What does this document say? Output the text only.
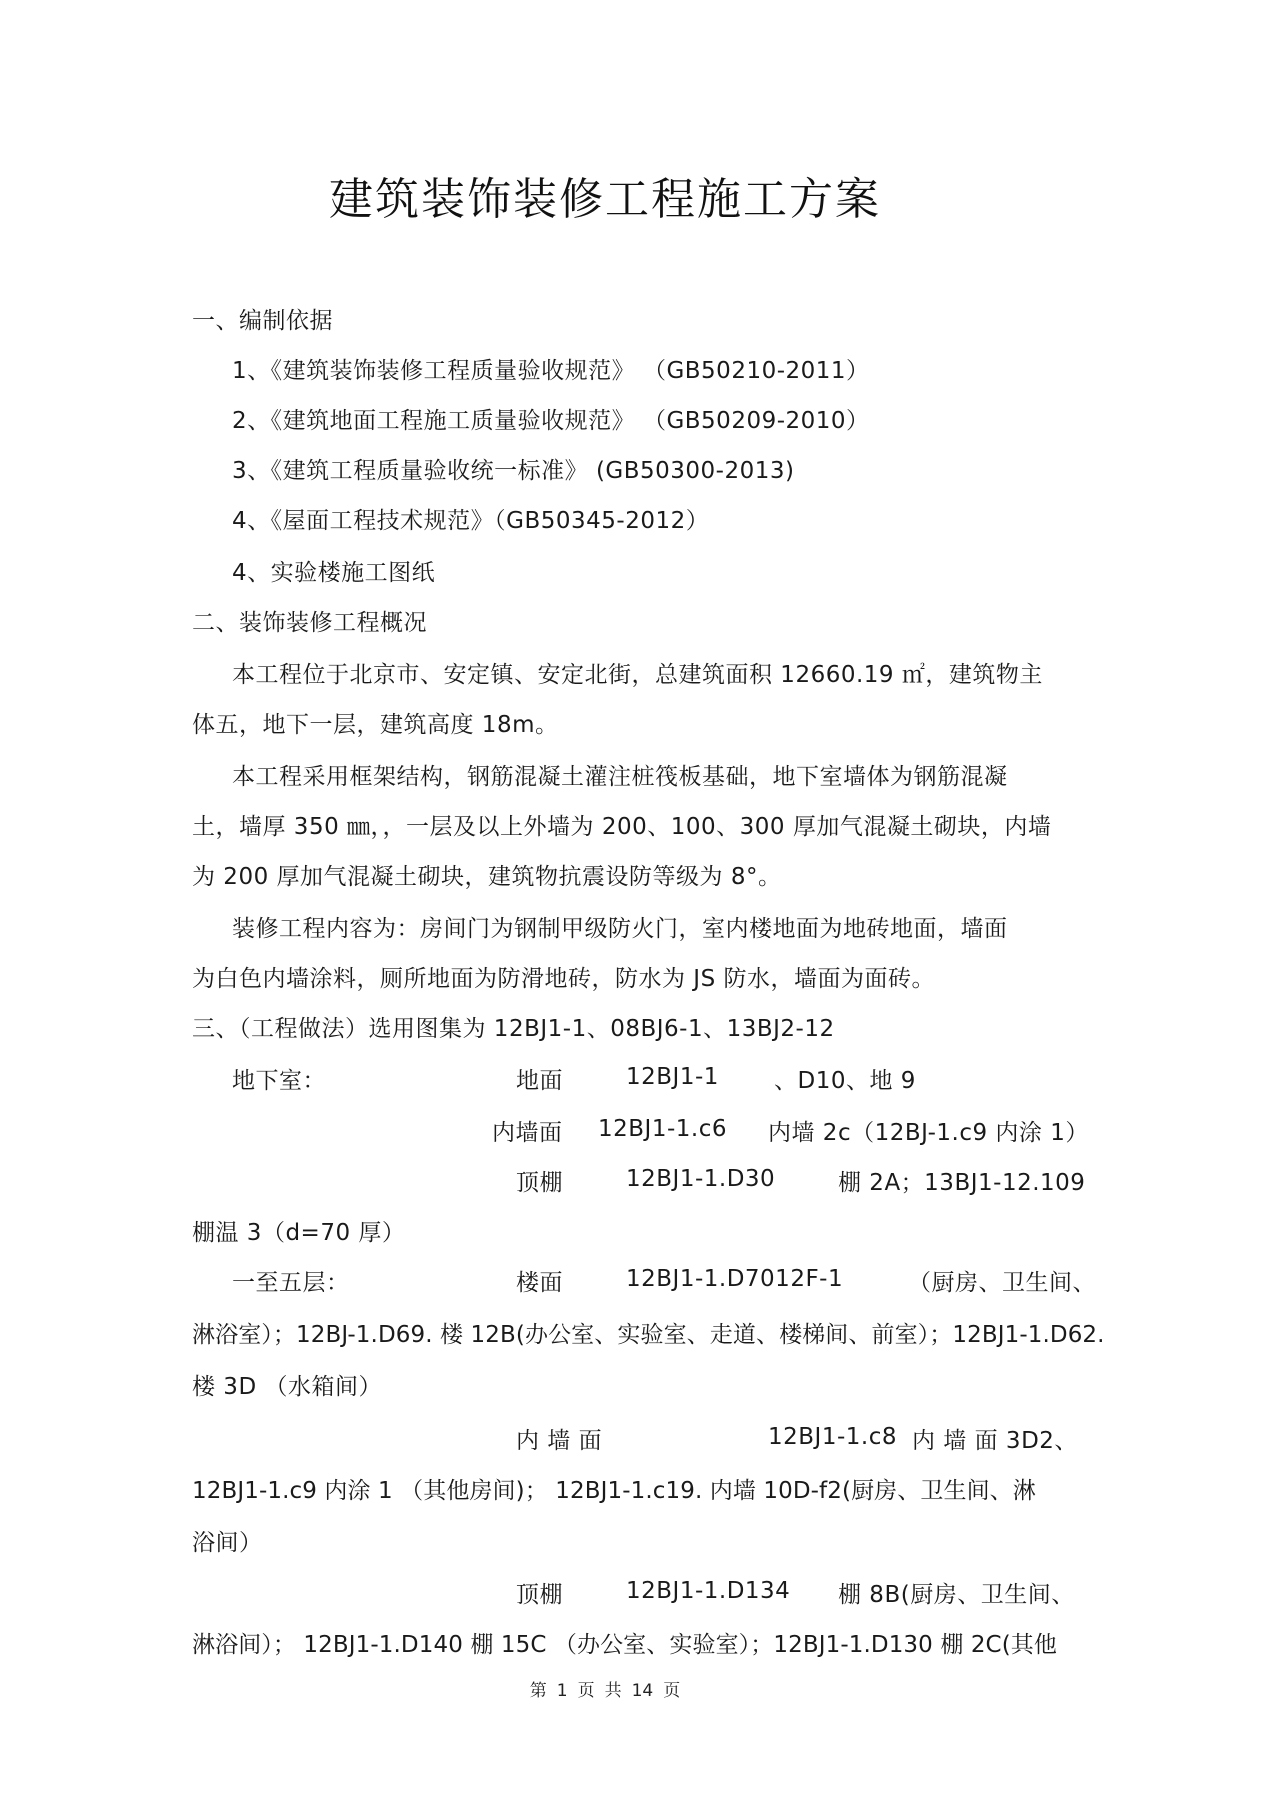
建筑装饰装修工程施工方案
一、编制依据
1、《建筑装饰装修工程质量验收规范》 （GB50210-2011）
2、《建筑地面工程施工质量验收规范》 （GB50209-2010）
3、《建筑工程质量验收统一标准》 (GB50300-2013)
4、《屋面工程技术规范》（GB50345-2012）
4、实验楼施工图纸
二、装饰装修工程概况
本工程位于北京市、安定镇、安定北街，总建筑面积 12660.19 ㎡，建筑物主
体五，地下一层，建筑高度 18m。
本工程采用框架结构，钢筋混凝土灌注桩筏板基础，地下室墙体为钢筋混凝
土，墙厚 350 ㎜，，一层及以上外墙为 200、100、300 厚加气混凝土砌块，内墙
为 200 厚加气混凝土砌块，建筑物抗震设防等级为 8°。
装修工程内容为：房间门为钢制甲级防火门，室内楼地面为地砖地面，墙面
为白色内墙涂料，厕所地面为防滑地砖，防水为 JS 防水，墙面为面砖。
三、（工程做法）选用图集为 12BJ1-1、08BJ6-1、13BJ2-12
地下室：	地面	12BJ1-1 、D10、地 9
内墙面 12BJ1-1.c6 内墙 2c（12BJ-1.c9 内涂 1）
顶棚	12BJ1-1.D30	棚 2A；13BJ1-12.109
棚温 3（d=70 厚）
一至五层：	楼面	12BJ1-1.D7012F-1	（厨房、卫生间、
淋浴室）；12BJ-1.D69. 楼 12B(办公室、实验室、走道、楼梯间、前室）；12BJ1-1.D62.
楼 3D （水箱间）
内 墙 面	12BJ1-1.c8 内 墙 面 3D2、
12BJ1-1.c9 内涂 1 （其他房间)； 12BJ1-1.c19. 内墙 10D-f2(厨房、卫生间、淋
浴间）
顶棚	12BJ1-1.D134 棚 8B(厨房、卫生间、
淋浴间）； 12BJ1-1.D140 棚 15C （办公室、实验室）；12BJ1-1.D130 棚 2C(其他
第 1 页 共 14 页
